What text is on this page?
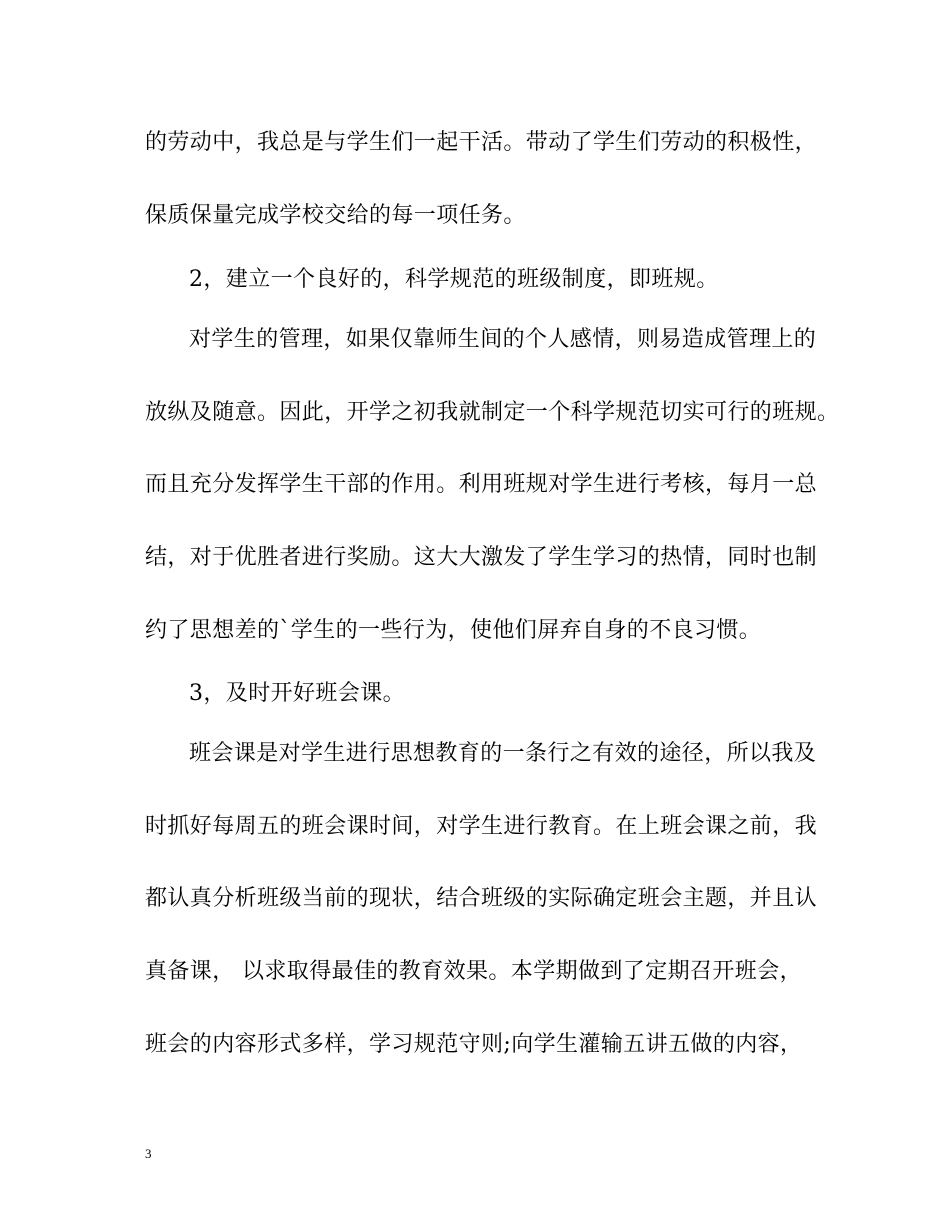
的劳动中，我总是与学生们一起干活。带动了学生们劳动的积极性，
保质保量完成学校交给的每一项任务。
2，建立一个良好的，科学规范的班级制度，即班规。
对学生的管理，如果仅靠师生间的个人感情，则易造成管理上的
放纵及随意。因此，开学之初我就制定一个科学规范切实可行的班规。
而且充分发挥学生干部的作用。利用班规对学生进行考核，每月一总
结，对于优胜者进行奖励。这大大激发了学生学习的热情，同时也制
约了思想差的`学生的一些行为，使他们屏弃自身的不良习惯。
3，及时开好班会课。
班会课是对学生进行思想教育的一条行之有效的途径，所以我及
时抓好每周五的班会课时间，对学生进行教育。在上班会课之前，我
都认真分析班级当前的现状，结合班级的实际确定班会主题，并且认
真备课， 以求取得最佳的教育效果。本学期做到了定期召开班会，
班会的内容形式多样，学习规范守则;向学生灌输五讲五做的内容，
3
